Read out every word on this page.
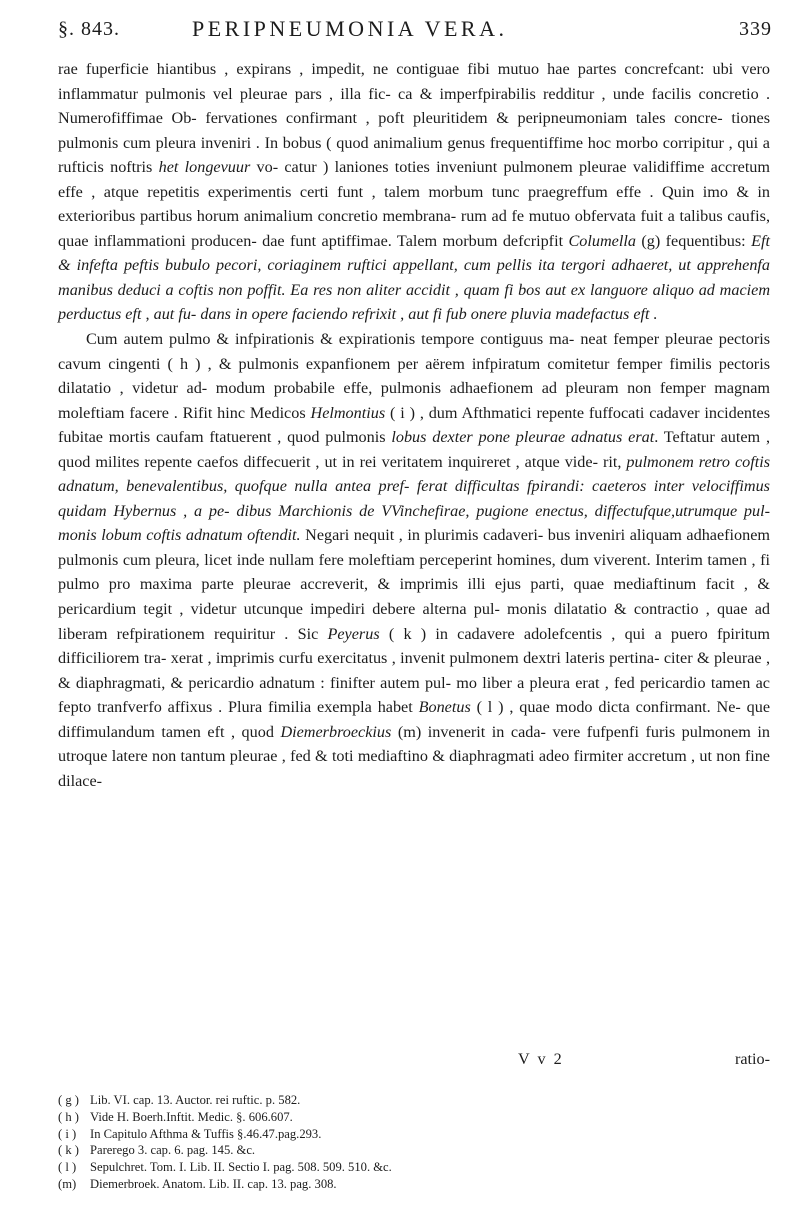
§. 843.	PERIPNEUMONIA VERA.	339

rae fuperficie hiantibus , expirans , impedit, ne contiguae fibi mutuo hae partes concrefcant: ubi vero inflammatur pulmonis vel pleurae pars , illa fic- ca & imperfpirabilis redditur , unde facilis concretio . Numerofiffimae Ob- fervationes confirmant , poft pleuritidem & peripneumoniam tales concre- tiones pulmonis cum pleura inveniri . In bobus ( quod animalium genus frequentiffime hoc morbo corripitur , qui a rufticis noftris het longevuur vo- catur ) laniones toties inveniunt pulmonem pleurae validiffime accretum effe , atque repetitis experimentis certi funt , talem morbum tunc praegreffum effe . Quin imo & in exterioribus partibus horum animalium concretio membrana- rum ad fe mutuo obfervata fuit a talibus caufis, quae inflammationi producen- dae funt aptiffimae. Talem morbum defcripfit Columella (g) fequentibus: Eft & infefta peftis bubulo pecori, coriaginem ruftici appellant, cum pellis ita tergori adhaeret, ut apprehenfa manibus deduci a coftis non poffit. Ea res non aliter accidit , quam fi bos aut ex languore aliquo ad maciem perductus eft , aut fu- dans in opere faciendo refrixit , aut fi fub onere pluvia madefactus eft .

Cum autem pulmo & infpirationis & expirationis tempore contiguus ma- neat femper pleurae pectoris cavum cingenti ( h ) , & pulmonis expanfionem per aërem infpiratum comitetur femper fimilis pectoris dilatatio , videtur ad- modum probabile effe, pulmonis adhaefionem ad pleuram non femper magnam moleftiam facere . Rifit hinc Medicos Helmontius ( i ) , dum Afthmatici repente fuffocati cadaver incidentes fubitae mortis caufam ftatuerent , quod pulmonis lobus dexter pone pleurae adnatus erat. Teftatur autem , quod milites repente caefos diffecuerit , ut in rei veritatem inquireret , atque vide- rit, pulmonem retro coftis adnatum, benevalentibus, quofque nulla antea pref- ferat difficultas fpirandi: caeteros inter velociffimus quidam Hybernus , a pe- dibus Marchionis de VVinchefirae, pugione enectus, diffectufque,utrumque pul- monis lobum coftis adnatum oftendit. Negari nequit , in plurimis cadaveri- bus inveniri aliquam adhaefionem pulmonis cum pleura, licet inde nullam fere moleftiam perceperint homines, dum viverent. Interim tamen , fi pulmo pro maxima parte pleurae accreverit, & imprimis illi ejus parti, quae mediaftinum facit , & pericardium tegit , videtur utcunque impediri debere alterna pul- monis dilatatio & contractio , quae ad liberam refpirationem requiritur . Sic Peyerus ( k ) in cadavere adolefcentis , qui a puero fpiritum difficiliorem tra- xerat , imprimis curfu exercitatus , invenit pulmonem dextri lateris pertina- citer & pleurae , & diaphragmati, & pericardio adnatum : finifter autem pul- mo liber a pleura erat , fed pericardio tamen ac fepto tranfverfo affixus . Plura fimilia exempla habet Bonetus ( l ) , quae modo dicta confirmant. Ne- que diffimulandum tamen eft , quod Diemerbroeckius (m) invenerit in cada- vere fufpenfi furis pulmonem in utroque latere non tantum pleurae , fed & toti mediaftino & diaphragmati adeo firmiter accretum , ut non fine dilace-

V v 2	ratio-
( g ) Lib. VI. cap. 13. Auctor. rei ruftic. p. 582.
( h ) Vide H. Boerh.Inftit. Medic. §. 606.607.
( i )	In Capitulo Afthma & Tuffis §.46.47.pag.293.
( k ) Parerego 3. cap. 6. pag. 145. &c.
( l )	Sepulchret. Tom. I. Lib. II. Sectio I. pag. 508. 509. 510. &c.
(m)	Diemerbroek. Anatom. Lib. II. cap. 13. pag. 308.
